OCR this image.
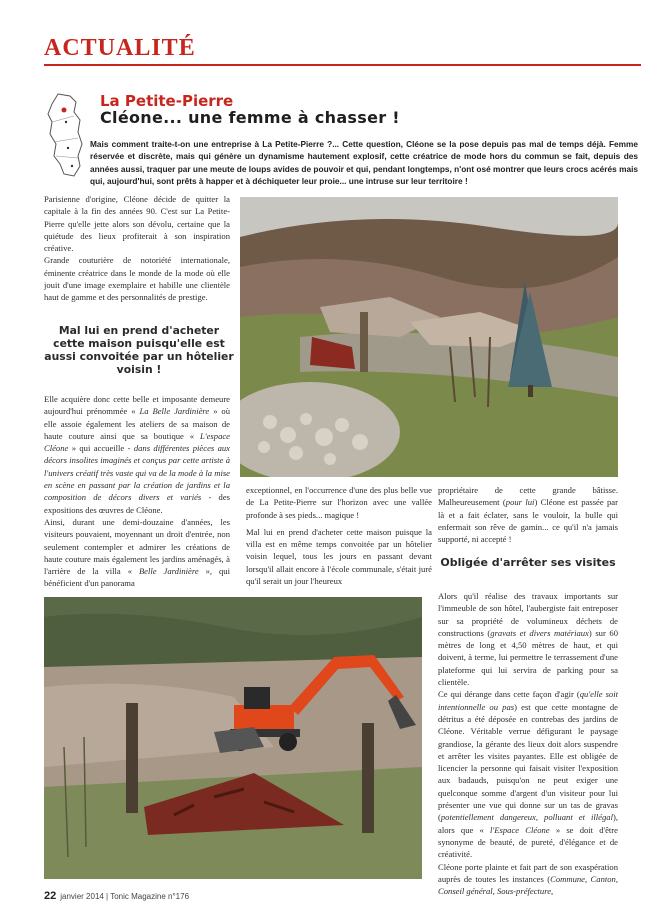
ACTUALITÉ
La Petite-Pierre
Cléone... une femme à chasser !
Mais comment traite-t-on une entreprise à La Petite-Pierre ?... Cette question, Cléone se la pose depuis pas mal de temps déjà. Femme réservée et discrète, mais qui génère un dynamisme hautement explosif, cette créatrice de mode hors du commun se fait, depuis des années aussi, traquer par une meute de loups avides de pouvoir et qui, pendant longtemps, n'ont osé montrer que leurs crocs acérés mais qui, aujourd'hui, sont prêts à happer et à déchiqueter leur proie... une intruse sur leur territoire !

Parisienne d'origine, Cléone décide de quitter la capitale à la fin des années 90. C'est sur La Petite-Pierre qu'elle jette alors son dévolu, certaine que la quiétude des lieux profiterait à son inspiration créative.

Grande couturière de notoriété internationale, éminente créatrice dans le monde de la mode où elle jouit d'une image exemplaire et habille une clientèle haut de gamme et des personnalités de prestige.

Mal lui en prend d'acheter cette maison puisqu'elle est aussi convoitée par un hôtelier voisin !

Elle acquière donc cette belle et imposante demeure aujourd'hui prénommée « La Belle Jardinière » où elle assoie également les ateliers de sa maison de haute couture ainsi que sa boutique « L'espace Cléone » qui accueille - dans différentes pièces aux décors insolites imaginés et conçus par cette artiste à l'univers créatif très vaste qui va de la mode à la mise en scène en passant par la création de jardins et la composition de décors divers et variés - des expositions des œuvres de Cléone.

Ainsi, durant une demi-douzaine d'années, les visiteurs pouvaient, moyennant un droit d'entrée, non seulement contempler et admirer les créations de haute couture mais également les jardins aménagés, à l'arrière de la villa « Belle Jardinière », qui bénéficient d'un panorama

exceptionnel, en l'occurrence d'une des plus belle vue de La Petite-Pierre sur l'horizon avec une vallée profonde à ses pieds... magique !

Mal lui en prend d'acheter cette maison puisque la villa est en même temps convoitée par un hôtelier voisin lequel, tous les jours en passant devant lorsqu'il allait encore à l'école communale, s'était juré qu'il serait un jour l'heureux

propriétaire de cette grande bâtisse. Malheureusement (pour lui) Cléone est passée par là et a fait éclater, sans le vouloir, la bulle qui enfermait son rêve de gamin... ce qu'il n'a jamais supporté, ni accepté !

Obligée d'arrêter ses visites

Alors qu'il réalise des travaux importants sur l'immeuble de son hôtel, l'aubergiste fait entreposer sur sa propriété de volumineux déchets de constructions (gravats et divers matériaux) sur 60 mètres de long et 4,50 mètres de haut, et qui doivent, à terme, lui permettre le terrassement d'une plateforme qui lui servira de parking pour sa clientèle.

Ce qui dérange dans cette façon d'agir (qu'elle soit intentionnelle ou pas) est que cette montagne de détritus a été déposée en contrebas des jardins de Cléone. Véritable verrue défigurant le paysage grandiose, la gérante des lieux doit alors suspendre et arrêter les visites payantes. Elle est obligée de licencier la personne qui faisait visiter l'exposition aux badauds, puisqu'on ne peut exiger une quelconque somme d'argent d'un visiteur pour lui présenter une vue qui donne sur un tas de gravas (potentiellement dangereux, polluant et illégal), alors que « l'Espace Cléone » se doit d'être synonyme de beauté, de pureté, d'élégance et de créativité.

Cléone porte plainte et fait part de son exaspération auprès de toutes les instances (Commune, Canton, Conseil général, Sous-préfecture,

22 janvier 2014 | Tonic Magazine n°176
